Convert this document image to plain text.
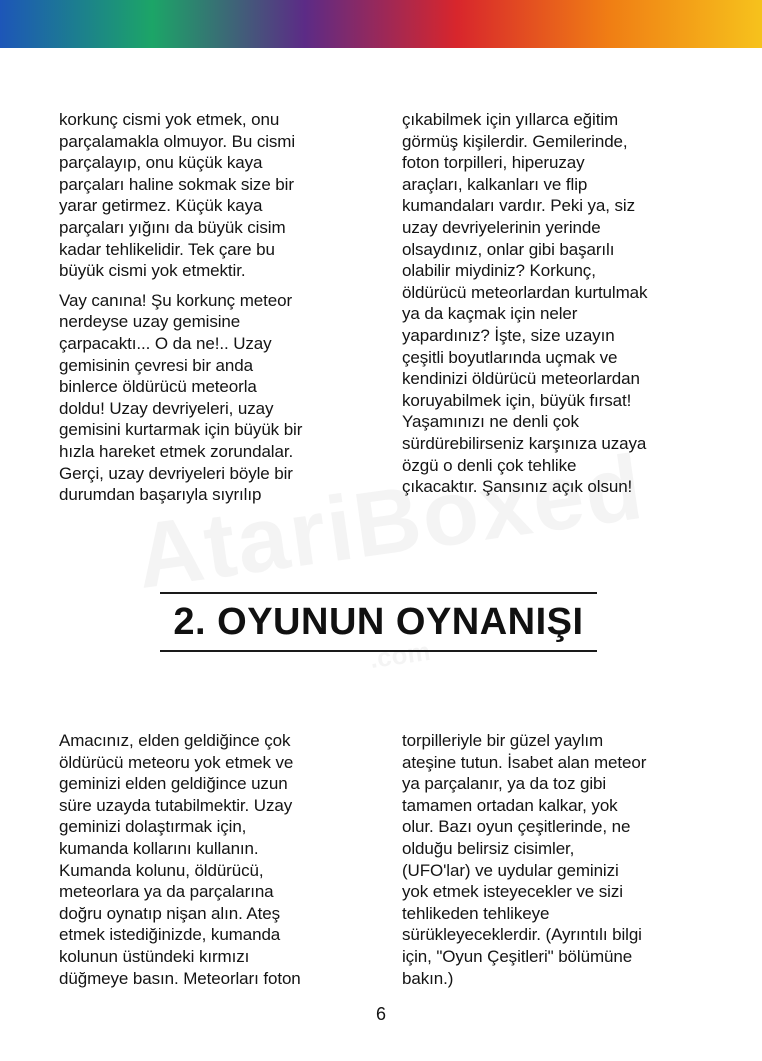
korkunç cismi yok etmek, onu
parçalamakla olmuyor. Bu cismi
parçalayıp, onu küçük kaya
parçaları haline sokmak size bir
yarar getirmez. Küçük kaya
parçaları yığını da büyük cisim
kadar tehlikelidir. Tek çare bu
büyük cismi yok etmektir.

Vay canına! Şu korkunç meteor
nerdeyse uzay gemisine
çarpacaktı... O da ne!.. Uzay
gemisinin çevresi bir anda
binlerce öldürücü meteorla
doldu! Uzay devriyeleri, uzay
gemisini kurtarmak için büyük bir
hızla hareket etmek zorundalar.
Gerçi, uzay devriyeleri böyle bir
durumdan başarıyla sıyrılıp

çıkabilmek için yıllarca eğitim
görmüş kişilerdir. Gemilerinde,
foton torpilleri, hiperuzay
araçları, kalkanları ve flip
kumandaları vardır. Peki ya, siz
uzay devriyelerinin yerinde
olsaydınız, onlar gibi başarılı
olabilir miydiniz? Korkunç,
öldürücü meteorlardan kurtulmak
ya da kaçmak için neler
yapardınız? İşte, size uzayın
çeşitli boyutlarında uçmak ve
kendinizi öldürücü meteorlardan
koruyabilmek için, büyük fırsat!
Yaşamınızı ne denli çok
sürdürebilirseniz karşınıza uzaya
özgü o denli çok tehlike
çıkacaktır. Şansınız açık olsun!

2. OYUNUN OYNANIŞI

Amacınız, elden geldiğince çok
öldürücü meteoru yok etmek ve
geminizi elden geldiğince uzun
süre uzayda tutabilmektir. Uzay
geminizi dolaştırmak için,
kumanda kollarını kullanın.
Kumanda kolunu, öldürücü,
meteorlara ya da parçalarına
doğru oynatıp nişan alın. Ateş
etmek istediğinizde, kumanda
kolunun üstündeki kırmızı
düğmeye basın. Meteorları foton

torpilleriyle bir güzel yaylım
ateşine tutun. İsabet alan meteor
ya parçalanır, ya da toz gibi
tamamen ortadan kalkar, yok
olur. Bazı oyun çeşitlerinde, ne
olduğu belirsiz cisimler,
(UFO'lar) ve uydular geminizi
yok etmek isteyecekler ve sizi
tehlikeden tehlikeye
sürükleyeceklerdir. (Ayrıntılı bilgi
için, "Oyun Çeşitleri" bölümüne
bakın.)

6
